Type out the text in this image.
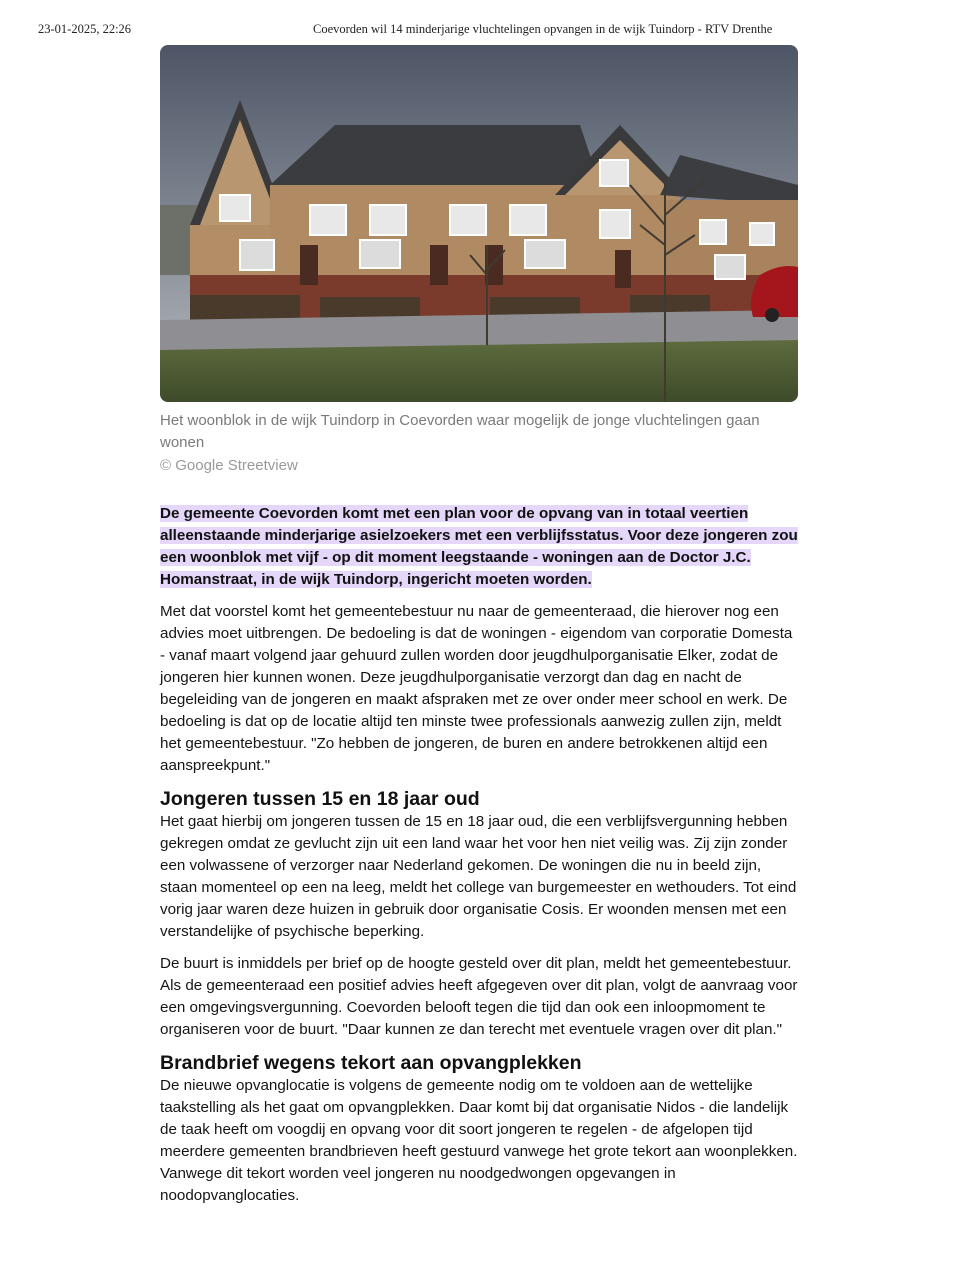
23-01-2025, 22:26	Coevorden wil 14 minderjarige vluchtelingen opvangen in de wijk Tuindorp - RTV Drenthe
Het woonblok in de wijk Tuindorp in Coevorden waar mogelijk de jonge vluchtelingen gaan wonen
© Google Streetview
De gemeente Coevorden komt met een plan voor de opvang van in totaal veertien alleenstaande minderjarige asielzoekers met een verblijfsstatus. Voor deze jongeren zou een woonblok met vijf - op dit moment leegstaande - woningen aan de Doctor J.C. Homanstraat, in de wijk Tuindorp, ingericht moeten worden.

Met dat voorstel komt het gemeentebestuur nu naar de gemeenteraad, die hierover nog een advies moet uitbrengen. De bedoeling is dat de woningen - eigendom van corporatie Domesta - vanaf maart volgend jaar gehuurd zullen worden door jeugdhulporganisatie Elker, zodat de jongeren hier kunnen wonen. Deze jeugdhulporganisatie verzorgt dan dag en nacht de begeleiding van de jongeren en maakt afspraken met ze over onder meer school en werk. De bedoeling is dat op de locatie altijd ten minste twee professionals aanwezig zullen zijn, meldt het gemeentebestuur. "Zo hebben de jongeren, de buren en andere betrokkenen altijd een aanspreekpunt."

Jongeren tussen 15 en 18 jaar oud

Het gaat hierbij om jongeren tussen de 15 en 18 jaar oud, die een verblijfsvergunning hebben gekregen omdat ze gevlucht zijn uit een land waar het voor hen niet veilig was. Zij zijn zonder een volwassene of verzorger naar Nederland gekomen. De woningen die nu in beeld zijn, staan momenteel op een na leeg, meldt het college van burgemeester en wethouders. Tot eind vorig jaar waren deze huizen in gebruik door organisatie Cosis. Er woonden mensen met een verstandelijke of psychische beperking.

De buurt is inmiddels per brief op de hoogte gesteld over dit plan, meldt het gemeentebestuur. Als de gemeenteraad een positief advies heeft afgegeven over dit plan, volgt de aanvraag voor een omgevingsvergunning. Coevorden belooft tegen die tijd dan ook een inloopmoment te organiseren voor de buurt. "Daar kunnen ze dan terecht met eventuele vragen over dit plan."

Brandbrief wegens tekort aan opvangplekken

De nieuwe opvanglocatie is volgens de gemeente nodig om te voldoen aan de wettelijke taakstelling als het gaat om opvangplekken. Daar komt bij dat organisatie Nidos - die landelijk de taak heeft om voogdij en opvang voor dit soort jongeren te regelen - de afgelopen tijd meerdere gemeenten brandbrieven heeft gestuurd vanwege het grote tekort aan woonplekken. Vanwege dit tekort worden veel jongeren nu noodgedwongen opgevangen in noodopvanglocaties.
